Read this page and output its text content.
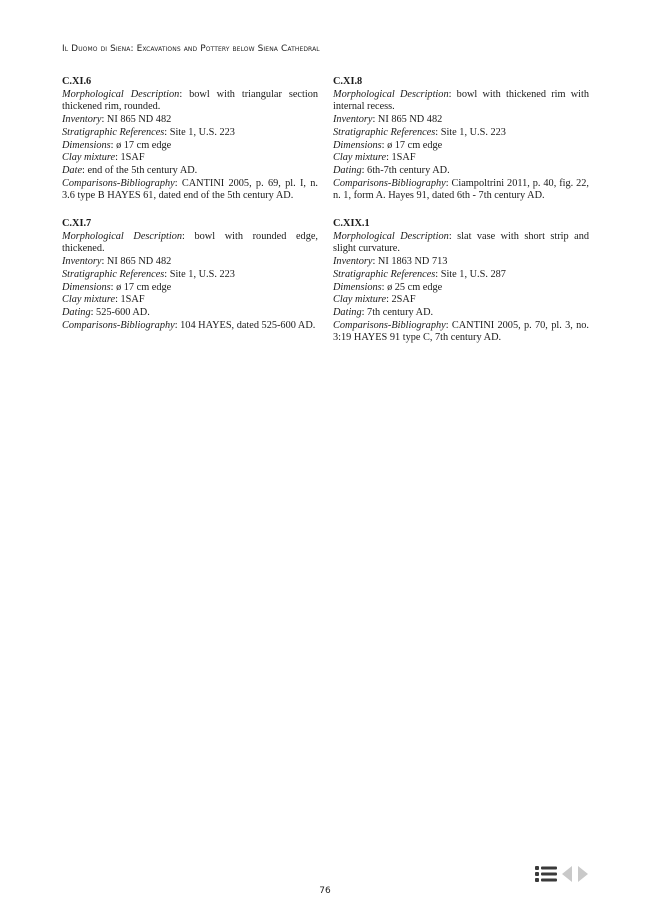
Il Duomo di Siena: Excavations and Pottery below Siena Cathedral
C.XI.6
Morphological Description: bowl with triangular section thickened rim, rounded.
Inventory: NI 865 ND 482
Stratigraphic References: Site 1, U.S. 223
Dimensions: ø 17 cm edge
Clay mixture: 1SAF
Date: end of the 5th century AD.
Comparisons-Bibliography: CANTINI 2005, p. 69, pl. I, n. 3.6 type B HAYES 61, dated end of the 5th century AD.
C.XI.7
Morphological Description: bowl with rounded edge, thickened.
Inventory: NI 865 ND 482
Stratigraphic References: Site 1, U.S. 223
Dimensions: ø 17 cm edge
Clay mixture: 1SAF
Dating: 525-600 AD.
Comparisons-Bibliography: 104 HAYES, dated 525-600 AD.
C.XI.8
Morphological Description: bowl with thickened rim with internal recess.
Inventory: NI 865 ND 482
Stratigraphic References: Site 1, U.S. 223
Dimensions: ø 17 cm edge
Clay mixture: 1SAF
Dating: 6th-7th century AD.
Comparisons-Bibliography: Ciampoltrini 2011, p. 40, fig. 22, n. 1, form A. Hayes 91, dated 6th - 7th century AD.
C.XIX.1
Morphological Description: slat vase with short strip and slight curvature.
Inventory: NI 1863 ND 713
Stratigraphic References: Site 1, U.S. 287
Dimensions: ø 25 cm edge
Clay mixture: 2SAF
Dating: 7th century AD.
Comparisons-Bibliography: CANTINI 2005, p. 70, pl. 3, no. 3:19 HAYES 91 type C, 7th century AD.
76
